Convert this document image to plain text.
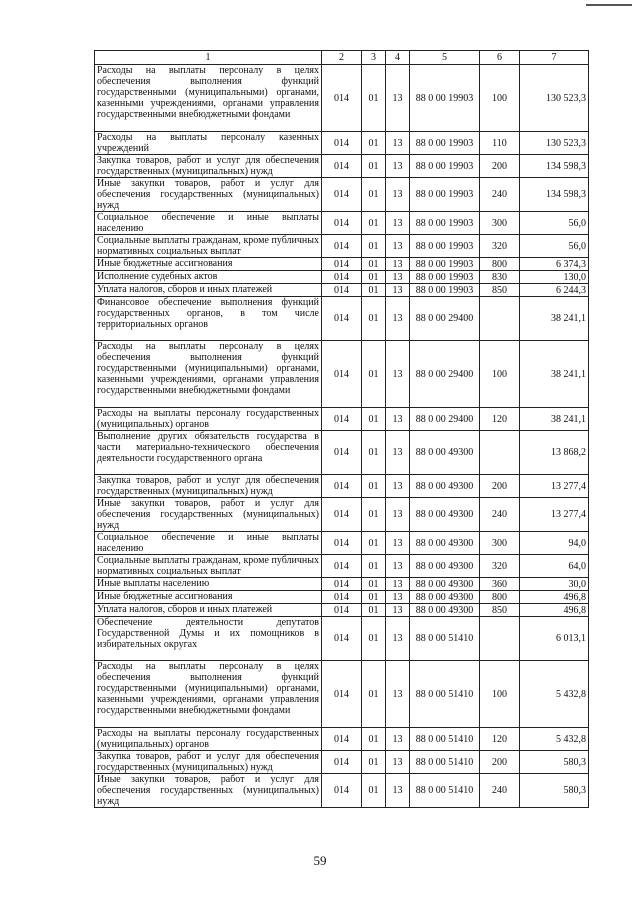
1	2	3	4	5	6	7
Расходы на выплаты персоналу в целях обеспечения выполнения функций государственными (муниципальными) органами, казенными учреждениями, органами управления государственными внебюджетными фондами	014	01	13	88 0 00 19903	100	130 523,3
Расходы на выплаты персоналу казенных учреждений	014	01	13	88 0 00 19903	110	130 523,3
Закупка товаров, работ и услуг для обеспечения государственных (муниципальных) нужд	014	01	13	88 0 00 19903	200	134 598,3
Иные закупки товаров, работ и услуг для обеспечения государственных (муниципальных) нужд	014	01	13	88 0 00 19903	240	134 598,3
Социальное обеспечение и иные выплаты населению	014	01	13	88 0 00 19903	300	56,0
Социальные выплаты гражданам, кроме публичных нормативных социальных выплат	014	01	13	88 0 00 19903	320	56,0
Иные бюджетные ассигнования	014	01	13	88 0 00 19903	800	6 374,3
Исполнение судебных актов	014	01	13	88 0 00 19903	830	130,0
Уплата налогов, сборов и иных платежей	014	01	13	88 0 00 19903	850	6 244,3
Финансовое обеспечение выполнения функций государственных органов, в том числе территориальных органов	014	01	13	88 0 00 29400		38 241,1
Расходы на выплаты персоналу в целях обеспечения выполнения функций государственными (муниципальными) органами, казенными учреждениями, органами управления государственными внебюджетными фондами	014	01	13	88 0 00 29400	100	38 241,1
Расходы на выплаты персоналу государственных (муниципальных) органов	014	01	13	88 0 00 29400	120	38 241,1
Выполнение других обязательств государства в части материально-технического обеспечения деятельности государственного органа	014	01	13	88 0 00 49300		13 868,2
Закупка товаров, работ и услуг для обеспечения государственных (муниципальных) нужд	014	01	13	88 0 00 49300	200	13 277,4
Иные закупки товаров, работ и услуг для обеспечения государственных (муниципальных) нужд	014	01	13	88 0 00 49300	240	13 277,4
Социальное обеспечение и иные выплаты населению	014	01	13	88 0 00 49300	300	94,0
Социальные выплаты гражданам, кроме публичных нормативных социальных выплат	014	01	13	88 0 00 49300	320	64,0
Иные выплаты населению	014	01	13	88 0 00 49300	360	30,0
Иные бюджетные ассигнования	014	01	13	88 0 00 49300	800	496,8
Уплата налогов, сборов и иных платежей	014	01	13	88 0 00 49300	850	496,8
Обеспечение деятельности депутатов Государственной Думы и их помощников в избирательных округах	014	01	13	88 0 00 51410		6 013,1
Расходы на выплаты персоналу в целях обеспечения выполнения функций государственными (муниципальными) органами, казенными учреждениями, органами управления государственными внебюджетными фондами	014	01	13	88 0 00 51410	100	5 432,8
Расходы на выплаты персоналу государственных (муниципальных) органов	014	01	13	88 0 00 51410	120	5 432,8
Закупка товаров, работ и услуг для обеспечения государственных (муниципальных) нужд	014	01	13	88 0 00 51410	200	580,3
Иные закупки товаров, работ и услуг для обеспечения государственных (муниципальных) нужд	014	01	13	88 0 00 51410	240	580,3
59
